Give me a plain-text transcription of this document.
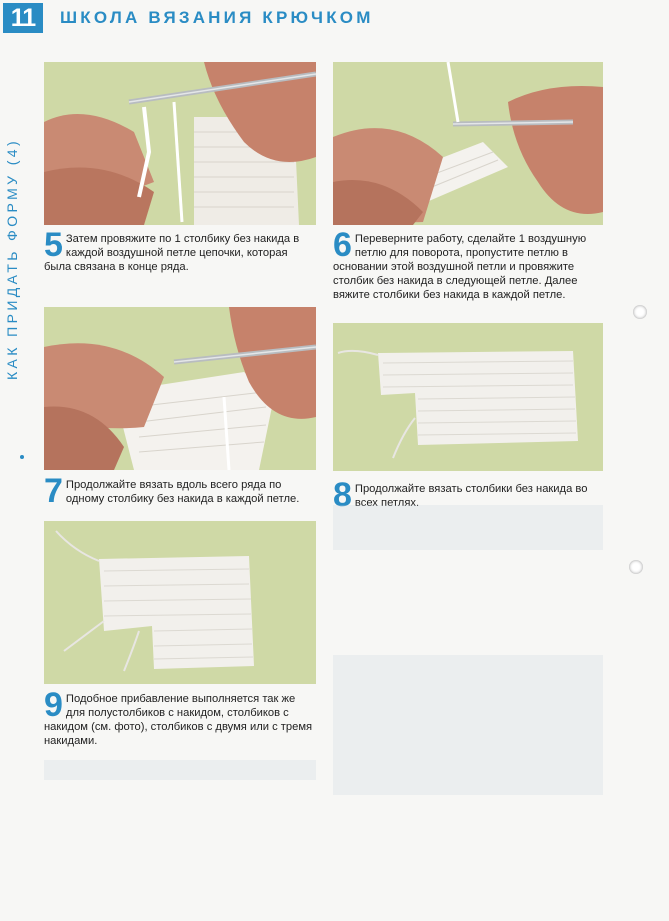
11	ШКОЛА ВЯЗАНИЯ КРЮЧКОМ
КАК ПРИДАТЬ ФОРМУ (4) 5 Затем провяжите по 1 столбику без накида в каждой воздушной петле цепочки, которая была связана в конце ряда.
6 Переверните работу, сделайте 1 воздушную петлю для поворота, пропустите петлю в основании этой воздушной петли и провяжите столбик без накида в следующей петле. Далее вяжите столбики без накида в каждой петле.
7 Продолжайте вязать вдоль всего ряда по одному столбику без накида в каждой петле. 8 Продолжайте вязать столбики без накида во всех петлях.
9 Подобное прибавление выполняется так же для полустолбиков с накидом, столбиков с накидом (см. фото), столбиков с двумя или с тремя накидами.
